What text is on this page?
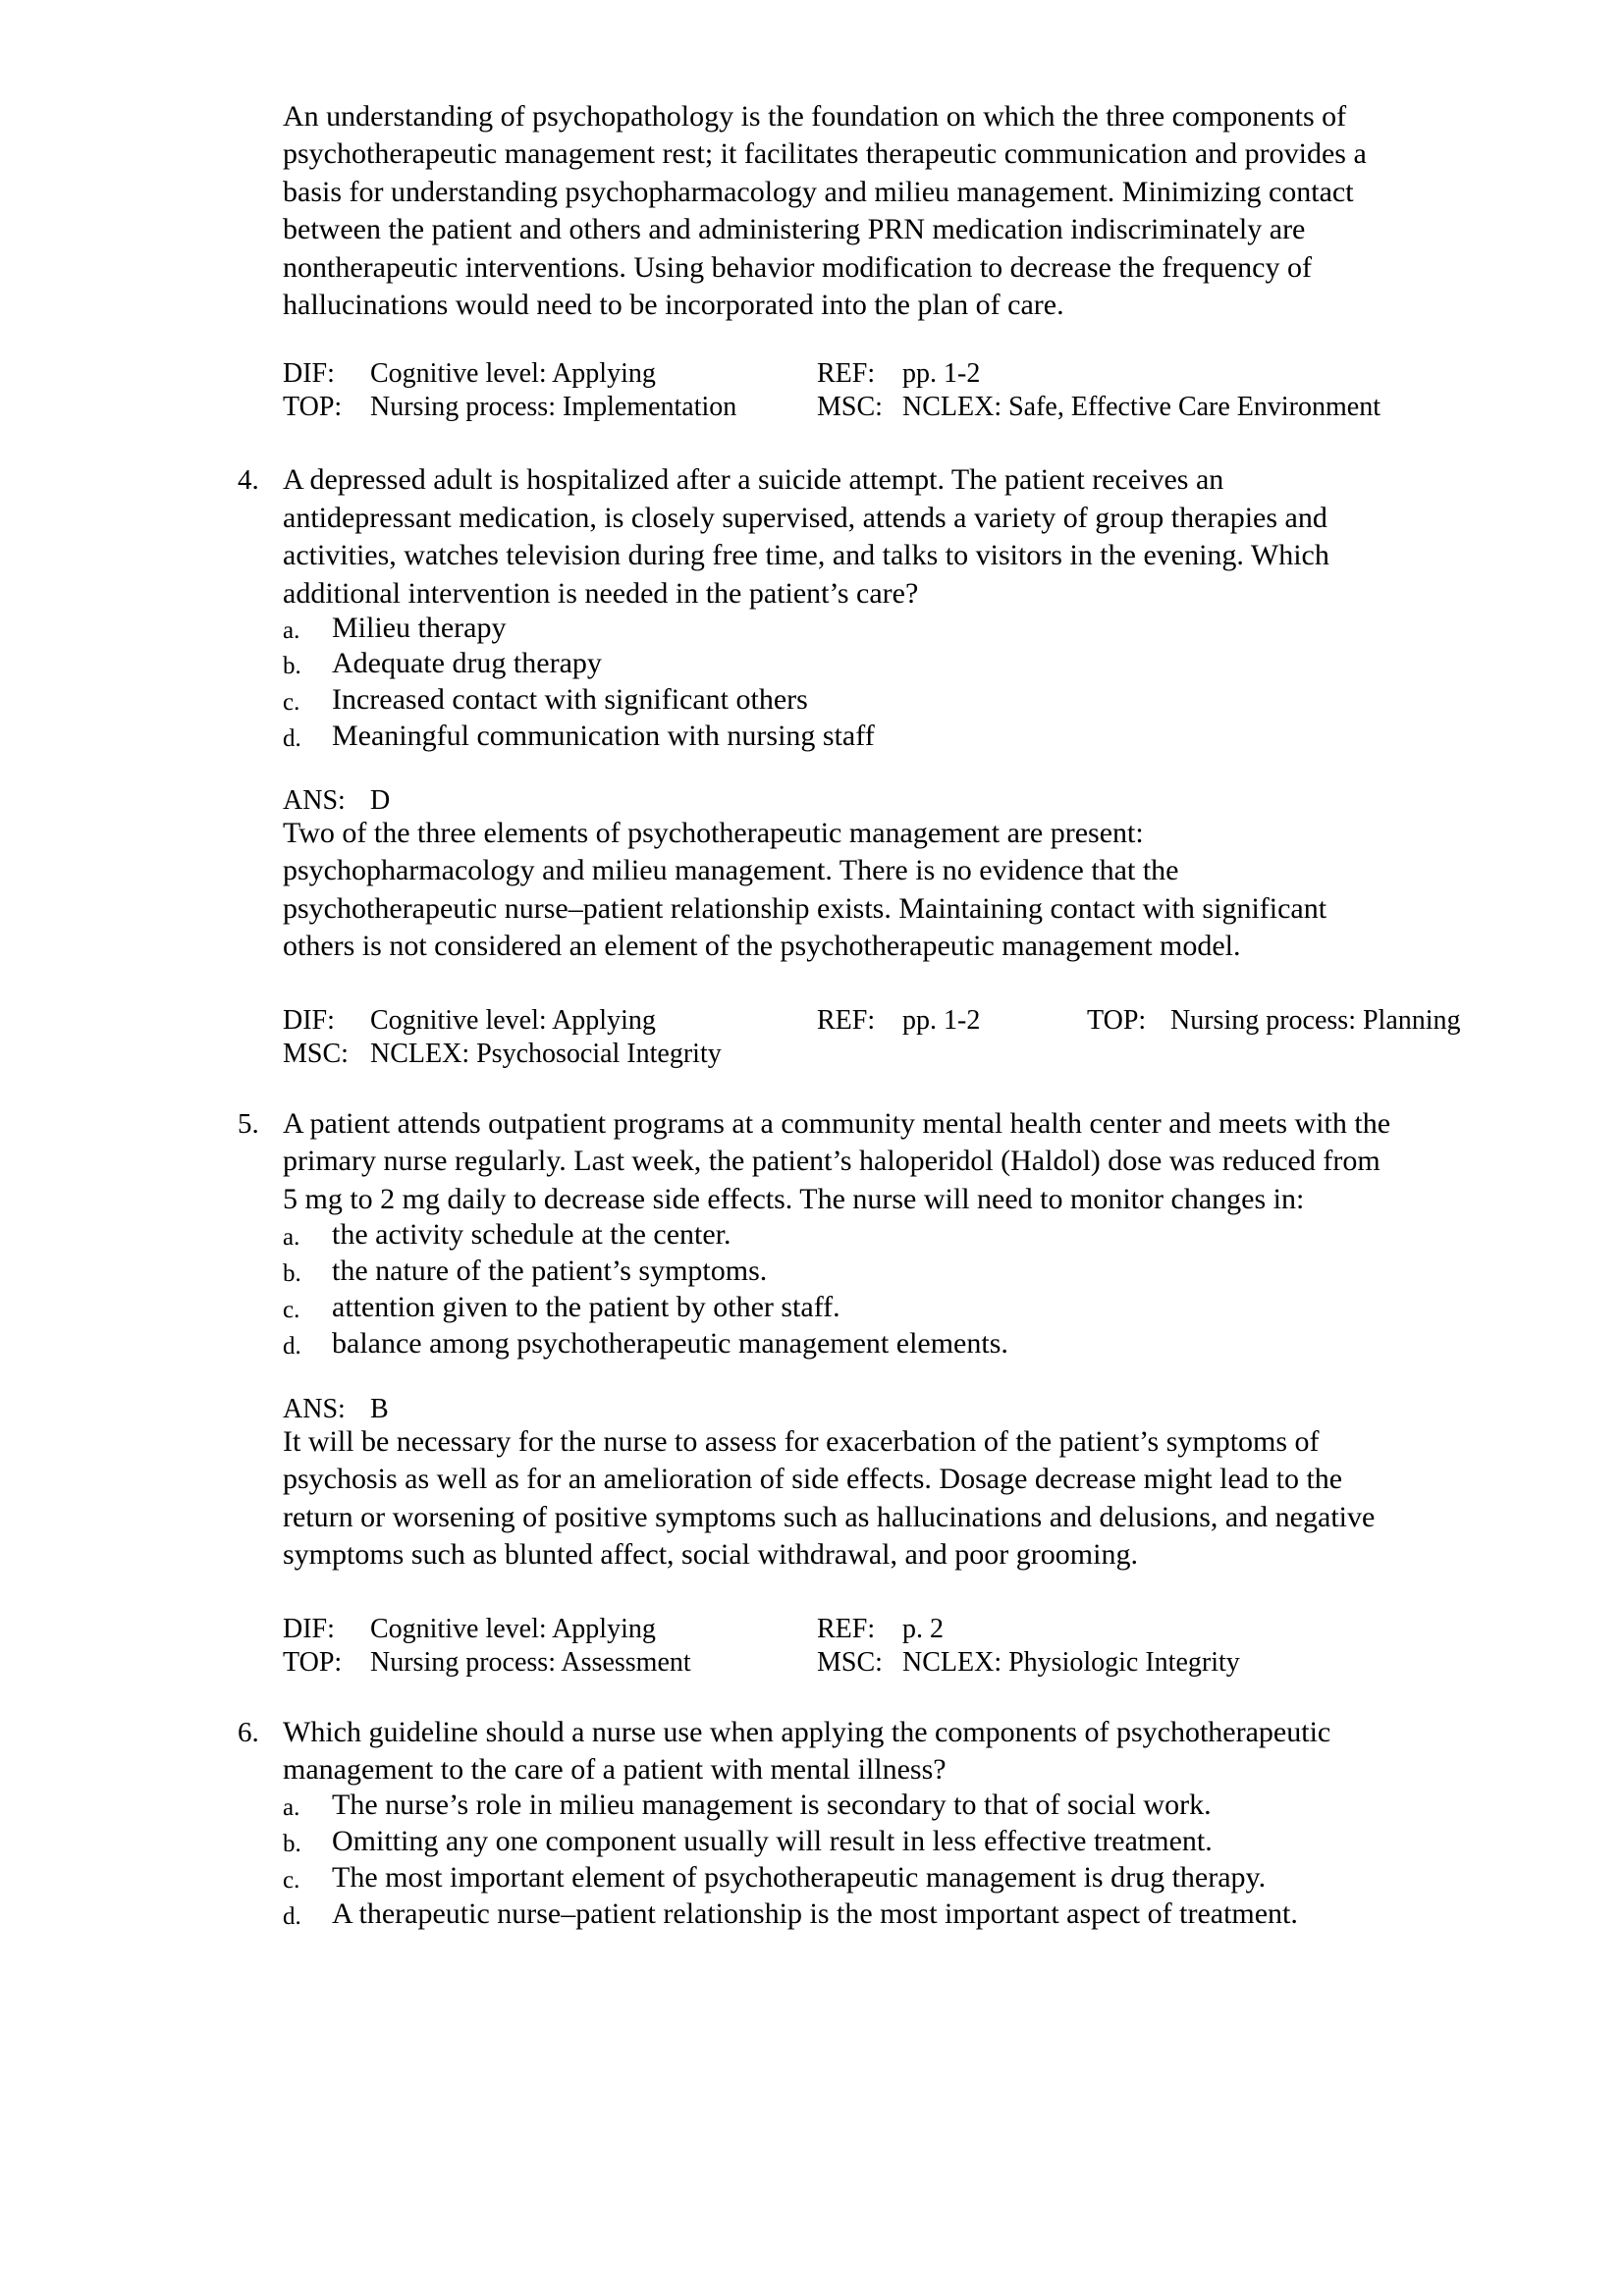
An understanding of psychopathology is the foundation on which the three components of
psychotherapeutic management rest; it facilitates therapeutic communication and provides a
basis for understanding psychopharmacology and milieu management. Minimizing contact
between the patient and others and administering PRN medication indiscriminately are
nontherapeutic interventions. Using behavior modification to decrease the frequency of
hallucinations would need to be incorporated into the plan of care.
DIF: Cognitive level: Applying	REF: pp. 1-2
TOP: Nursing process: Implementation	MSC: NCLEX: Safe, Effective Care Environment
4. A depressed adult is hospitalized after a suicide attempt. The patient receives an
antidepressant medication, is closely supervised, attends a variety of group therapies and
activities, watches television during free time, and talks to visitors in the evening. Which
additional intervention is needed in the patient’s care?
a. Milieu therapy
b. Adequate drug therapy
c. Increased contact with significant others
d. Meaningful communication with nursing staff
ANS: D
Two of the three elements of psychotherapeutic management are present:
psychopharmacology and milieu management. There is no evidence that the
psychotherapeutic nurse–patient relationship exists. Maintaining contact with significant
others is not considered an element of the psychotherapeutic management model.
DIF: Cognitive level: Applying	REF: pp. 1-2	TOP: Nursing process: Planning
MSC: NCLEX: Psychosocial Integrity
5. A patient attends outpatient programs at a community mental health center and meets with the
primary nurse regularly. Last week, the patient’s haloperidol (Haldol) dose was reduced from
5 mg to 2 mg daily to decrease side effects. The nurse will need to monitor changes in:
a. the activity schedule at the center.
b. the nature of the patient’s symptoms.
c. attention given to the patient by other staff.
d. balance among psychotherapeutic management elements.
ANS: B
It will be necessary for the nurse to assess for exacerbation of the patient’s symptoms of
psychosis as well as for an amelioration of side effects. Dosage decrease might lead to the
return or worsening of positive symptoms such as hallucinations and delusions, and negative
symptoms such as blunted affect, social withdrawal, and poor grooming.
DIF: Cognitive level: Applying	REF: p. 2
TOP: Nursing process: Assessment	MSC: NCLEX: Physiologic Integrity
6. Which guideline should a nurse use when applying the components of psychotherapeutic
management to the care of a patient with mental illness?
a. The nurse’s role in milieu management is secondary to that of social work.
b. Omitting any one component usually will result in less effective treatment.
c. The most important element of psychotherapeutic management is drug therapy.
d. A therapeutic nurse–patient relationship is the most important aspect of treatment.
